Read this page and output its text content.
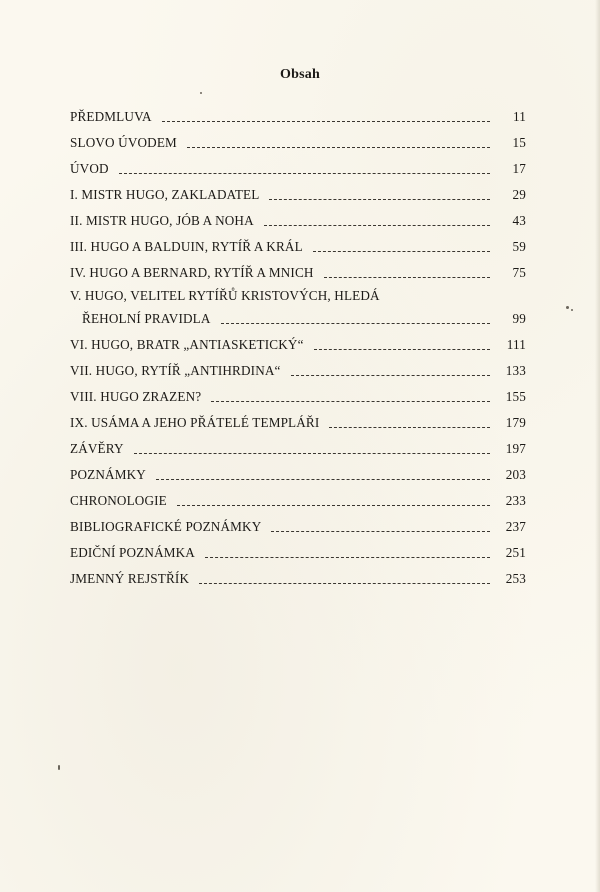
Obsah
PŘEDMLUVA	11
SLOVO ÚVODEM	15
ÚVOD	17
I. MISTR HUGO, ZAKLADATEL	29
II. MISTR HUGO, JÓB A NOHA	43
III. HUGO A BALDUIN, RYTÍŘ A KRÁL	59
IV. HUGO A BERNARD, RYTÍŘ A MNICH	75
V. HUGO, VELITEL RYTÍŘŮ KRISTOVÝCH, HLEDÁ
ŘEHOLNÍ PRAVIDLA	99
VI. HUGO, BRATR „ANTIASKETICKÝ“	111
VII. HUGO, RYTÍŘ „ANTIHRDINA“	133
VIII. HUGO ZRAZEN?	155
IX. USÁMA A JEHO PŘÁTELÉ TEMPLÁŘI	179
ZÁVĚRY	197
POZNÁMKY	203
CHRONOLOGIE	233
BIBLIOGRAFICKÉ POZNÁMKY	237
EDIČNÍ POZNÁMKA	251
JMENNÝ REJSTŘÍK	253
